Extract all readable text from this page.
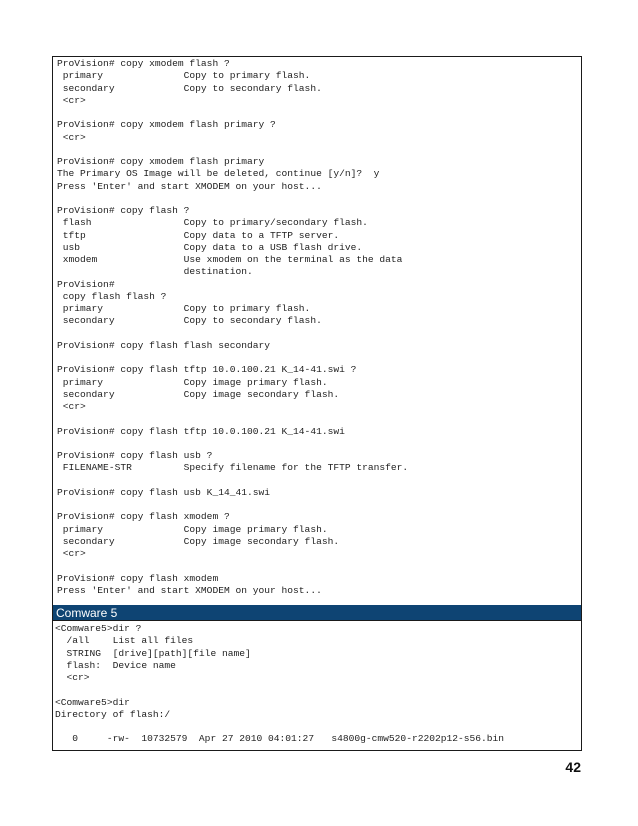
ProVision# copy xmodem flash ?
primary              Copy to primary flash.
secondary            Copy to secondary flash.
<cr>

ProVision# copy xmodem flash primary ?
<cr>

ProVision# copy xmodem flash primary
The Primary OS Image will be deleted, continue [y/n]?  y
Press 'Enter' and start XMODEM on your host...

ProVision# copy flash ?
flash                Copy to primary/secondary flash.
tftp                 Copy data to a TFTP server.
usb                  Copy data to a USB flash drive.
xmodem               Use xmodem on the terminal as the data
destination.
ProVision#
copy flash flash ?
primary              Copy to primary flash.
secondary            Copy to secondary flash.

ProVision# copy flash flash secondary

ProVision# copy flash tftp 10.0.100.21 K_14-41.swi ?
primary              Copy image primary flash.
secondary            Copy image secondary flash.
<cr>

ProVision# copy flash tftp 10.0.100.21 K_14-41.swi

ProVision# copy flash usb ?
FILENAME-STR         Specify filename for the TFTP transfer.

ProVision# copy flash usb K_14_41.swi

ProVision# copy flash xmodem ?
primary              Copy image primary flash.
secondary            Copy image secondary flash.
<cr>

ProVision# copy flash xmodem
Press 'Enter' and start XMODEM on your host...
Comware 5
<Comware5>dir ?
/all    List all files
STRING  [drive][path][file name]
flash:  Device name
<cr>

<Comware5>dir
Directory of flash:/

0     -rw-  10732579  Apr 27 2010 04:01:27   s4800g-cmw520-r2202p12-s56.bin
42
